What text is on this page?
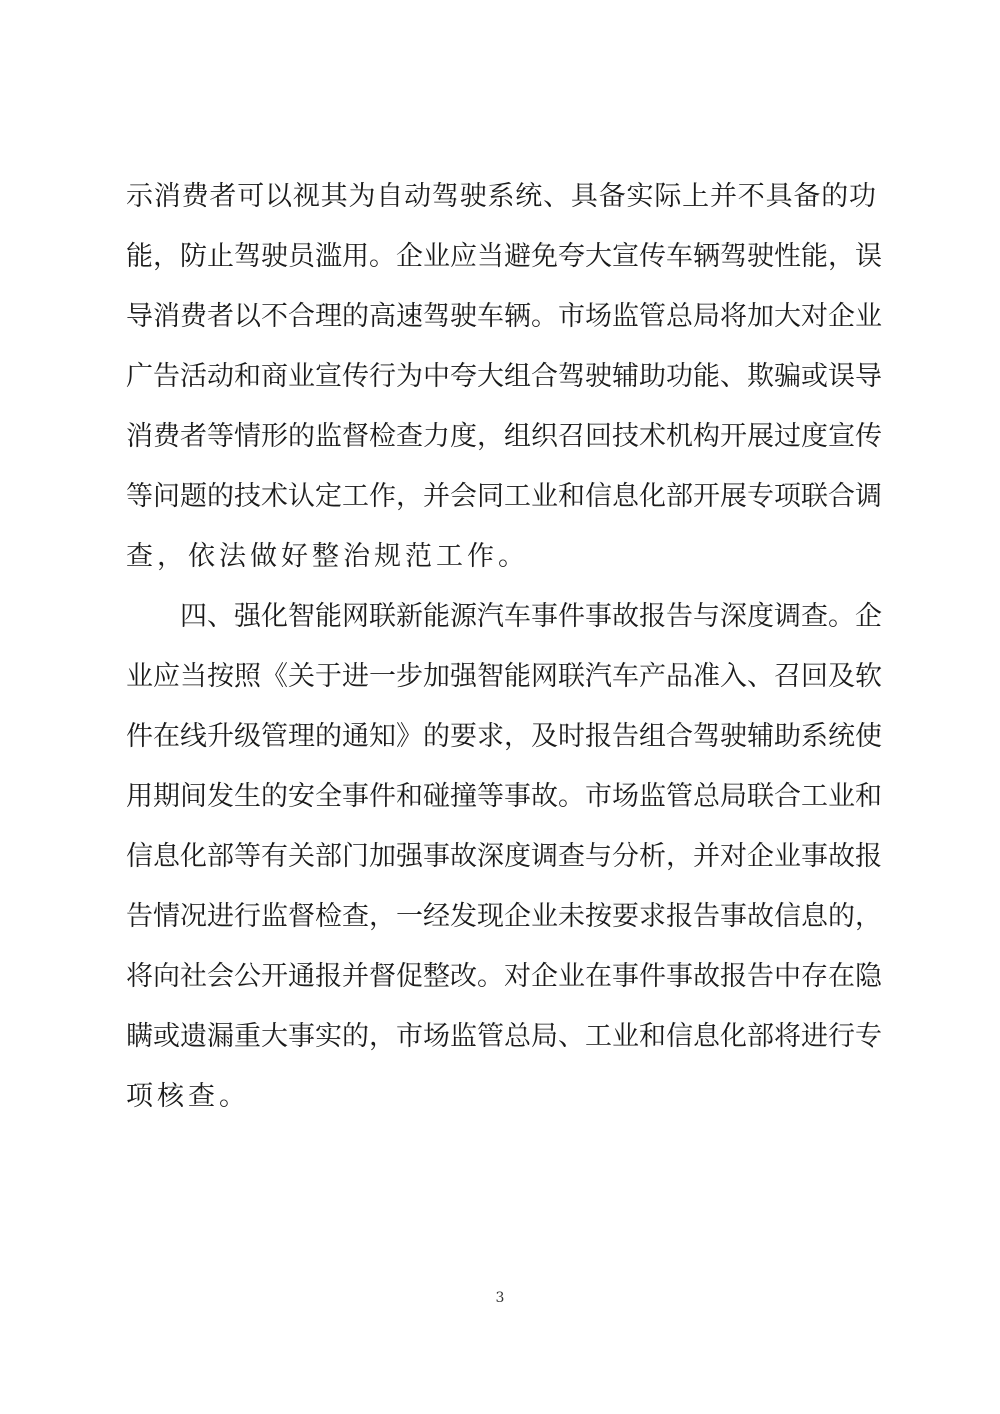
示消费者可以视其为自动驾驶系统、具备实际上并不具备的功
能，防止驾驶员滥用。企业应当避免夸大宣传车辆驾驶性能，误
导消费者以不合理的高速驾驶车辆。市场监管总局将加大对企业
广告活动和商业宣传行为中夸大组合驾驶辅助功能、欺骗或误导
消费者等情形的监督检查力度，组织召回技术机构开展过度宣传
等问题的技术认定工作，并会同工业和信息化部开展专项联合调
查，依法做好整治规范工作。
四、强化智能网联新能源汽车事件事故报告与深度调查。企
业应当按照《关于进一步加强智能网联汽车产品准入、召回及软
件在线升级管理的通知》的要求，及时报告组合驾驶辅助系统使
用期间发生的安全事件和碰撞等事故。市场监管总局联合工业和
信息化部等有关部门加强事故深度调查与分析，并对企业事故报
告情况进行监督检查，一经发现企业未按要求报告事故信息的，
将向社会公开通报并督促整改。对企业在事件事故报告中存在隐
瞒或遗漏重大事实的，市场监管总局、工业和信息化部将进行专
项核查。
3
